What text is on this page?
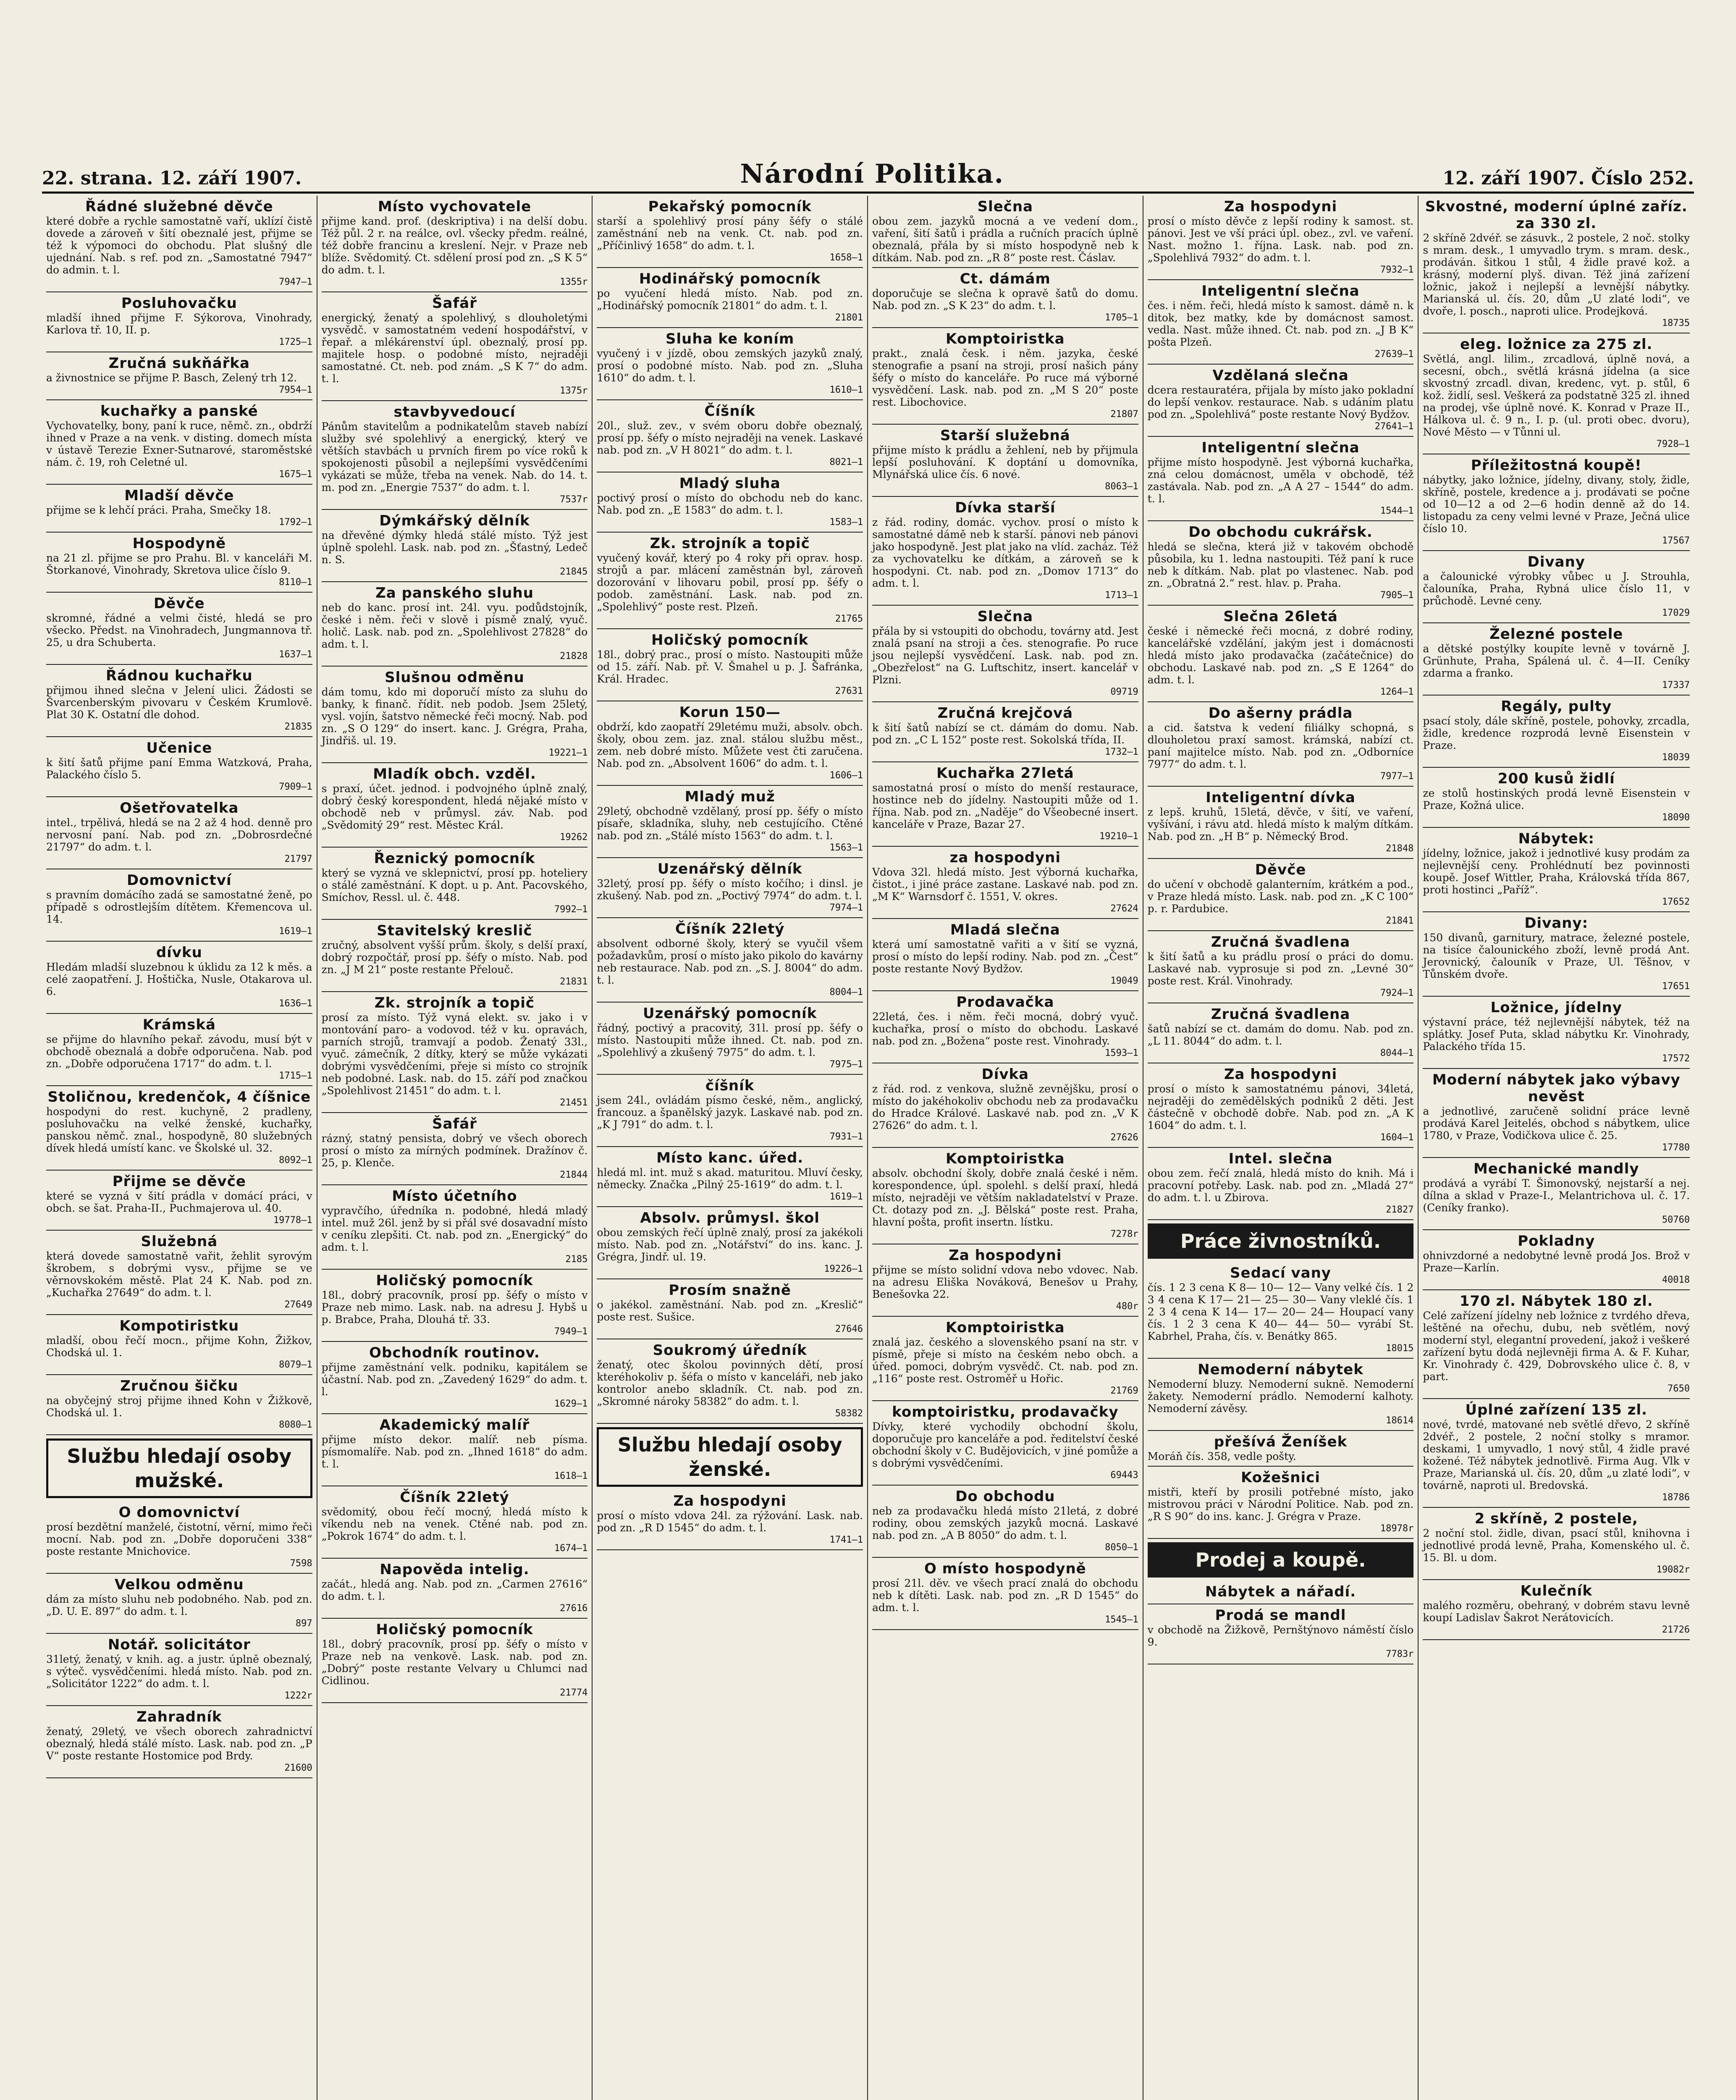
22. strana. 12. září 1907.	Národní Politika.	12. září 1907. Číslo 252.
Řádné služebné děvče
které dobře a rychle samostatně vaří, uklízí čistě dovede a zároveň v šití obeznalé jest, přijme se též k výpomoci do obchodu. Plat slušný dle ujednání. Nab. s ref. pod zn. „Samostatné 7947“ do admin. t. l.
7947—1
Posluhovačku
mladší ihned přijme F. Sýkorova, Vinohrady, Karlova tř. 10, II. p.
1725—1
Zručná sukňářka
a živnostnice se přijme P. Basch, Zelený trh 12.
7954—1
kuchařky a panské
Vychovatelky, bony, paní k ruce, němč. zn., obdrží ihned v Praze a na venk. v disting. domech místa v ústavě Terezie Exner-Sutnarové, staroměstské nám. č. 19, roh Celetné ul.
1675—1
Mladší děvče
přijme se k lehčí práci. Praha, Smečky 18.
1792—1
Hospodyně
na 21 zl. přijme se pro Prahu. Bl. v kanceláři M. Štorkanové, Vinohrady, Skretova ulice číslo 9.
8110—1
Děvče
skromné, řádné a velmi čisté, hledá se pro všecko. Předst. na Vinohradech, Jungmannova tř. 25, u dra Schuberta.
1637—1
Řádnou kuchařku
přijmou ihned slečna v Jelení ulici. Žádosti se Švarcenberským pivovaru v Českém Krumlově. Plat 30 K. Ostatní dle dohod.
21835
Učenice
k šití šatů přijme paní Emma Watzková, Praha, Palackého číslo 5.
7909—1
Ošetřovatelka
intel., trpělivá, hledá se na 2 až 4 hod. denně pro nervosní paní. Nab. pod zn. „Dobrosrdečné 21797“ do adm. t. l.
21797
Domovnictví
s pravním domácího zadá se samostatné ženě, po případě s odrostlejším dítětem. Křemencova ul. 14.
1619—1
dívku
Hledám mladší sluzebnou k úklidu za 12 k měs. a celé zaopatření. J. Hoštička, Nusle, Otakarova ul. 6.
1636—1
Krámská
se přijme do hlavního pekař. závodu, musí být v obchodě obeznalá a dobře odporučena. Nab. pod zn. „Dobře odporučena 1717“ do adm. t. l.
1715—1
Stoličnou, kredenčok, 4 číšnice
hospodyni do rest. kuchyně, 2 pradleny, posluhovačku na velké ženské, kuchařky, panskou němč. znal., hospodyně, 80 služebných dívek hledá umístí kanc. ve Školské ul. 32.
8092—1
Přijme se děvče
které se vyzná v šití prádla v domácí práci, v obch. se šat. Praha-II., Puchmajerova ul. 40.
19778—1
Služebná
která dovede samostatně vařit, žehlit syrovým škrobem, s dobrými vysv., přijme se ve věrnovskokém městě. Plat 24 K. Nab. pod zn. „Kuchařka 27649“ do adm. t. l.
27649
Kompotiristku
mladší, obou řečí mocn., přijme Kohn, Žižkov, Chodská ul. 1.
8079—1
Zručnou šičku
na obyčejný stroj přijme ihned Kohn v Žižkově, Chodská ul. 1.
8080—1
Službu hledají osoby mužské.
O domovnictví
prosí bezdětní manželé, čistotní, věrní, mimo řeči mocní. Nab. pod zn. „Dobře doporučeni 338“ poste restante Mnichovice.
7598
Velkou odměnu
dám za místo sluhu neb podobného. Nab. pod zn. „D. U. E. 897“ do adm. t. l.
897
Notář. solicitátor
31letý, ženatý, v knih. ag. a justr. úplně obeznalý, s výteč. vysvědčeními. hledá místo. Nab. pod zn. „Solicitátor 1222“ do adm. t. l.
1222r
Zahradník
ženatý, 29letý, ve všech oborech zahradnictví obeznalý, hledá stálé místo. Lask. nab. pod zn. „P V“ poste restante Hostomice pod Brdy.
21600
Místo vychovatele
přijme kand. prof. (deskriptiva) i na delší dobu. Též půl. 2 r. na reálce, ovl. všecky předm. reálné, též dobře francinu a kreslení. Nejr. v Praze neb blíže. Svědomitý. Ct. sdělení prosí pod zn. „S K 5“ do adm. t. l.
1355r
Šafář
energický, ženatý a spolehlivý, s dlouholetými vysvědč. v samostatném vedení hospodářství, v řepař. a mlékárenství úpl. obeznalý, prosí pp. majitele hosp. o podobné místo, nejraději samostatné. Ct. neb. pod znám. „S K 7“ do adm. t. l.
1375r
stavbyvedoucí
Pánům stavitelům a podnikatelům staveb nabízí služby své spolehlivý a energický, který ve větších stavbách u prvních firem po více roků k spokojenosti působil a nejlepšími vysvědčeními vykázati se může, třeba na venek. Nab. do 14. t. m. pod zn. „Energie 7537“ do adm. t. l.
7537r
Dýmkářský dělník
na dřevěné dýmky hledá stálé místo. Týž jest úplně spolehl. Lask. nab. pod zn. „Šťastný, Ledeč n. S.
21845
Za panského sluhu
neb do kanc. prosí int. 24l. vyu. podůdstojník, české i něm. řeči v slově i písmě znalý, vyuč. holič. Lask. nab. pod zn. „Spolehlivost 27828“ do adm. t. l.
21828
Slušnou odměnu
dám tomu, kdo mi doporučí místo za sluhu do banky, k finanč. řídit. neb podob. Jsem 25letý, vysl. vojín, šatstvo německé řeči mocný. Nab. pod zn. „S O 129“ do insert. kanc. J. Grégra, Praha, Jindřiš. ul. 19.
19221—1
Mladík obch. vzděl.
s praxí, účet. jednod. i podvojného úplně znalý, dobrý český korespondent, hledá nějaké místo v obchodě neb v průmysl. záv. Nab. pod „Svědomitý 29“ rest. Městec Král.
19262
Řeznický pomocník
který se vyzná ve sklepnictví, prosí pp. hoteliery o stálé zaměstnání. K dopt. u p. Ant. Pacovského, Smíchov, Ressl. ul. č. 448.
7992—1
Stavitelský kreslič
zručný, absolvent vyšší prům. školy, s delší praxí, dobrý rozpočtář, prosí pp. šéfy o místo. Nab. pod zn. „J M 21“ poste restante Přelouč.
21831
Zk. strojník a topič
prosí za místo. Týž vyná elekt. sv. jako i v montování paro- a vodovod. též v ku. opravách, parních strojů, tramvají a podob. Ženatý 33l., vyuč. zámečník, 2 dítky, který se může vykázati dobrými vysvědčeními, přeje si místo co strojník neb podobné. Lask. nab. do 15. září pod značkou „Spolehlivost 21451“ do adm. t. l.
21451
Šafář
rázný, statný pensista, dobrý ve všech oborech prosí o místo za mírných podmínek. Dražínov č. 25, p. Klenče.
21844
Místo účetního
vypravčího, úředníka n. podobné, hledá mladý intel. muž 26l. jenž by si přál své dosavadní místo v ceníku zlepšiti. Ct. nab. pod zn. „Energický“ do adm. t. l.
2185
Holičský pomocník
18l., dobrý pracovník, prosí pp. šéfy o místo v Praze neb mimo. Lask. nab. na adresu J. Hybš u p. Brabce, Praha, Dlouhá tř. 33.
7949—1
Obchodník routinov.
přijme zaměstnání velk. podniku, kapitálem se účastní. Nab. pod zn. „Zavedený 1629“ do adm. t. l.
1629—1
Akademický malíř
přijme místo dekor. malíř. neb písma. písmomalíře. Nab. pod zn. „Ihned 1618“ do adm. t. l.
1618—1
Číšník 22letý
svědomitý, obou řečí mocný, hledá místo k víkendu neb na venek. Ctěné nab. pod zn. „Pokrok 1674“ do adm. t. l.
1674—1
Napověda intelig.
začát., hledá ang. Nab. pod zn. „Carmen 27616“ do adm. t. l.
27616
Holičský pomocník
18l., dobrý pracovník, prosí pp. šéfy o místo v Praze neb na venkově. Lask. nab. pod zn. „Dobrý“ poste restante Velvary u Chlumci nad Cidlinou.
21774
Pekařský pomocník
starší a spolehlivý prosí pány šéfy o stálé zaměstnání neb na venk. Ct. nab. pod zn. „Příčinlivý 1658“ do adm. t. l.
1658—1
Hodinářský pomocník
po vyučení hledá místo. Nab. pod zn. „Hodinářský pomocník 21801“ do adm. t. l.
21801
Sluha ke koním
vyučený i v jízdě, obou zemských jazyků znalý, prosí o podobné místo. Nab. pod zn. „Sluha 1610“ do adm. t. l.
1610—1
Číšník
20l., služ. zev., v svém oboru dobře obeznalý, prosí pp. šéfy o místo nejraději na venek. Laskavé nab. pod zn. „V H 8021“ do adm. t. l.
8021—1
Mladý sluha
poctivý prosí o místo do obchodu neb do kanc. Nab. pod zn. „E 1583“ do adm. t. l.
1583—1
Zk. strojník a topič
vyučený kovář, který po 4 roky při oprav. hosp. strojů a par. mlácení zaměstnán byl, zároveň dozorování v lihovaru pobil, prosí pp. šéfy o podob. zaměstnání. Lask. nab. pod zn. „Spolehlivý“ poste rest. Plzeň.
21765
Holičský pomocník
18l., dobrý prac., prosí o místo. Nastoupiti může od 15. září. Nab. př. V. Šmahel u p. J. Šafránka, Král. Hradec.
27631
Korun 150—
obdrží, kdo zaopatří 29letému muži, absolv. obch. školy, obou zem. jaz. znal. stálou službu měst., zem. neb dobré místo. Můžete vest čti zaručena. Nab. pod zn. „Absolvent 1606“ do adm. t. l.
1606—1
Mladý muž
29letý, obchodně vzdělaný, prosí pp. šéfy o místo písaře, skladníka, sluhy, neb cestujícího. Ctěné nab. pod zn. „Stálé místo 1563“ do adm. t. l.
1563—1
Uzenářský dělník
32letý, prosí pp. šéfy o místo kočího; i dinsl. je zkušený. Nab. pod zn. „Poctivý 7974“ do adm. t. l.
7974—1
Číšník 22letý
absolvent odborné školy, který se vyučil všem požadavkům, prosí o místo jako pikolo do kavárny neb restaurace. Nab. pod zn. „S. J. 8004“ do adm. t. l.
8004—1
Uzenářský pomocník
řádný, poctivý a pracovitý, 31l. prosí pp. šéfy o místo. Nastoupiti může ihned. Ct. nab. pod zn. „Spolehlivý a zkušený 7975“ do adm. t. l.
7975—1
číšník
jsem 24l., ovládám písmo české, něm., anglický, francouz. a španělský jazyk. Laskavé nab. pod zn. „K J 791“ do adm. t. l.
7931—1
Místo kanc. úřed.
hledá ml. int. muž s akad. maturitou. Mluví česky, německy. Značka „Pilný 25-1619“ do adm. t. l.
1619—1
Absolv. průmysl. škol
obou zemských řečí úplně znalý, prosí za jakékoli místo. Nab. pod zn. „Notářství“ do ins. kanc. J. Grégra, Jindř. ul. 19.
19226—1
Prosím snažně
o jakékol. zaměstnání. Nab. pod zn. „Kreslič“ poste rest. Sušice.
27646
Soukromý úředník
ženatý, otec školou povinných dětí, prosí kteréhokoliv p. šéfa o místo v kanceláři, neb jako kontrolor anebo skladník. Ct. nab. pod zn. „Skromné nároky 58382“ do adm. t. l.
58382
Službu hledají osoby ženské.
Za hospodyni
prosí o místo vdova 24l. za rýžování. Lask. nab. pod zn. „R D 1545“ do adm. t. l.
1741—1
Slečna
obou zem. jazyků mocná a ve vedení dom., vaření, šití šatů i prádla a ručních pracích úplně obeznalá, přála by si místo hospodyně neb k dítkám. Nab. pod zn. „R 8“ poste rest. Čáslav.
Ct. dámám
doporučuje se slečna k opravě šatů do domu. Nab. pod zn. „S K 23“ do adm. t. l.
1705—1
Komptoiristka
prakt., znalá česk. i něm. jazyka, české stenografie a psaní na stroji, prosí našich pány šéfy o místo do kanceláře. Po ruce má výborné vysvědčení. Lask. nab. pod zn. „M S 20“ poste rest. Libochovice.
21807
Starší služebná
přijme místo k prádlu a žehlení, neb by přijmula lepší posluhování. K doptání u domovníka, Mlynářská ulice čís. 6 nové.
8063—1
Dívka starší
z řád. rodiny, domác. vychov. prosí o místo k samostatné dámě neb k starší. pánovi neb pánovi jako hospodyně. Jest plat jako na vlíd. zacház. Též za vychovatelku ke dítkám, a zároveň se k hospodyni. Ct. nab. pod zn. „Domov 1713“ do adm. t. l.
1713—1
Slečna
přála by si vstoupiti do obchodu, továrny atd. Jest znalá psaní na stroji a čes. stenografie. Po ruce jsou nejlepší vysvědčení. Lask. nab. pod zn. „Obezřelost“ na G. Luftschitz, insert. kancelář v Plzni.
09719
Zručná krejčová
k šití šatů nabízí se ct. dámám do domu. Nab. pod zn. „C L 152“ poste rest. Sokolská třída, II.
1732—1
Kuchařka 27letá
samostatná prosí o místo do menší restaurace, hostince neb do jídelny. Nastoupiti může od 1. října. Nab. pod zn. „Naděje“ do Všeobecné insert. kanceláře v Praze, Bazar 27.
19210—1
za hospodyni
Vdova 32l. hledá místo. Jest výborná kuchařka, čistot., i jiné práce zastane. Laskavé nab. pod zn. „M K“ Warnsdorf č. 1551, V. okres.
27624
Mladá slečna
která umí samostatně vařiti a v šití se vyzná, prosí o místo do lepší rodiny. Nab. pod zn. „Čest“ poste restante Nový Bydžov.
19049
Prodavačka
22letá, čes. i něm. řeči mocná, dobrý vyuč. kuchařka, prosí o místo do obchodu. Laskavé nab. pod zn. „Božena“ poste rest. Vinohrady.
1593—1
Dívka
z řád. rod. z venkova, služně zevnějšku, prosí o místo do jakéhokoliv obchodu neb za prodavačku do Hradce Králové. Laskavé nab. pod zn. „V K 27626“ do adm. t. l.
27626
Komptoiristka
absolv. obchodní školy, dobře znalá české i něm. korespondence, úpl. spolehl. s delší praxí, hledá místo, nejraději ve větším nakladatelství v Praze. Ct. dotazy pod zn. „J. Bělská“ poste rest. Praha, hlavní pošta, profit insertn. lístku.
7278r
Za hospodyni
přijme se místo solidní vdova nebo vdovec. Nab. na adresu Eliška Nováková, Benešov u Prahy, Benešovka 22.
480r
Komptoiristka
znalá jaz. českého a slovenského psaní na str. v písmě, přeje si místo na českém nebo obch. a úřed. pomoci, dobrým vysvědč. Ct. nab. pod zn. „116“ poste rest. Ostroměř u Hořic.
21769
komptoiristku, prodavačky
Dívky, které vychodily obchodní školu, doporučuje pro kanceláře a pod. ředitelství české obchodní školy v C. Budějovicích, v jiné pomůže a s dobrými vysvědčeními.
69443
Do obchodu
neb za prodavačku hledá místo 21letá, z dobré rodiny, obou zemských jazyků mocná. Laskavé nab. pod zn. „A B 8050“ do adm. t. l.
8050—1
O místo hospodyně
prosí 21l. děv. ve všech prací znalá do obchodu neb k dítěti. Lask. nab. pod zn. „R D 1545“ do adm. t. l.
1545—1
Za hospodyni
prosí o místo děvče z lepší rodiny k samost. st. pánovi. Jest ve vší práci úpl. obez., zvl. ve vaření. Nast. možno 1. října. Lask. nab. pod zn. „Spolehlivá 7932“ do adm. t. l.
7932—1
Inteligentní slečna
čes. i něm. řeči, hledá místo k samost. dámě n. k ditok, bez matky, kde by domácnost samost. vedla. Nast. může ihned. Ct. nab. pod zn. „J B K“ pošta Plzeň.
27639—1
Vzdělaná slečna
dcera restauratéra, přijala by místo jako pokladní do lepší venkov. restaurace. Nab. s udáním platu pod zn. „Spolehlivá“ poste restante Nový Bydžov.
27641—1
Inteligentní slečna
přijme místo hospodyně. Jest výborná kuchařka, zná celou domácnost, uměla v obchodě, též zastávala. Nab. pod zn. „A A 27 – 1544“ do adm. t. l.
1544—1
Do obchodu cukrářsk.
hledá se slečna, která již v takovém obchodě působila, ku 1. ledna nastoupiti. Též paní k ruce neb k dítkám. Nab. plat po vlastenec. Nab. pod zn. „Obratná 2.“ rest. hlav. p. Praha.
7905—1
Slečna 26letá
české i německé řeči mocná, z dobré rodiny, kancelářské vzdělání, jakým jest i domácnosti hledá místo jako prodavačka (začátečnice) do obchodu. Laskavé nab. pod zn. „S E 1264“ do adm. t. l.
1264—1
Do ašerny prádla
a cid. šatstva k vedení filiálky schopná, s dlouholetou praxí samost. krámská, nabízí ct. paní majitelce místo. Nab. pod zn. „Odborníce 7977“ do adm. t. l.
7977—1
Inteligentní dívka
z lepš. kruhů, 15letá, děvče, v šití, ve vaření, vyšívání, i rávu atd. hledá místo k malým dítkám. Nab. pod zn. „H B“ p. Německý Brod.
21848
Děvče
do učení v obchodě galanterním, krátkém a pod., v Praze hledá místo. Lask. nab. pod zn. „K C 100“ p. r. Pardubice.
21841
Zručná švadlena
k šití šatů a ku prádlu prosí o práci do domu. Laskavé nab. vyprosuje si pod zn. „Levné 30“ poste rest. Král. Vinohrady.
7924—1
Zručná švadlena
šatů nabízí se ct. damám do domu. Nab. pod zn. „L 11. 8044“ do adm. t. l.
8044—1
Za hospodyni
prosí o místo k samostatnému pánovi, 34letá, nejraději do zemědělských podniků 2 děti. Jest částečně v obchodě dobře. Nab. pod zn. „A K 1604“ do adm. t. l.
1604—1
Intel. slečna
obou zem. řečí znalá, hledá místo do knih. Má i pracovní potřeby. Lask. nab. pod zn. „Mladá 27“ do adm. t. l. u Zbirova.
21827
Práce živnostníků.
Sedací vany
čís. 1 2 3 cena K 8— 10— 12— Vany velké čís. 1 2 3 4 cena K 17— 21— 25— 30— Vany vleklé čís. 1 2 3 4 cena K 14— 17— 20— 24— Houpací vany čís. 1 2 3 cena K 40— 44— 50— vyrábí St. Kabrhel, Praha, čís. v. Benátky 865.
18015
Nemoderní nábytek
Nemoderní bluzy. Nemoderní sukně. Nemoderní žakety. Nemoderní prádlo. Nemoderní kalhoty. Nemoderní závěsy.
18614
přešívá Ženíšek
Moráň čís. 358, vedle pošty.
Kožešnici
mistři, kteří by prosili potřebné místo, jako mistrovou práci v Národní Politice. Nab. pod zn. „R S 90“ do ins. kanc. J. Grégra v Praze.
18978r
Prodej a koupě.
Nábytek a nářadí.
Prodá se mandl
v obchodě na Žižkově, Pernštýnovo náměstí číslo 9.
7783r
Skvostné, moderní úplné zaříz. za 330 zl.
2 skříně 2dvéř. se zásuvk., 2 postele, 2 noč. stolky s mram. desk., 1 umyvadlo trym. s mram. desk., prodáván. šitkou 1 stůl, 4 židle pravé kož. a krásný, moderní plyš. divan. Též jiná zařízení ložnic, jakož i nejlepší a levnější nábytky. Marianská ul. čís. 20, dům „U zlaté lodi“, ve dvoře, l. posch., naproti ulice. Prodejková.
18735
eleg. ložnice za 275 zl.
Světlá, angl. lilim., zrcadlová, úplně nová, a secesní, obch., světlá krásná jídelna (a sice skvostný zrcadl. divan, kredenc, vyt. p. stůl, 6 kož. židlí, sesl. Veškerá za podstatně 325 zl. ihned na prodej, vše úplně nové. K. Konrad v Praze II., Hálkova ul. č. 9 n., I. p. (ul. proti obec. dvoru), Nové Město — v Tůnni ul.
7928—1
Příležitostná koupě!
nábytky, jako ložnice, jídelny, divany, stoly, židle, skříně, postele, kredence a j. prodávati se počne od 10—12 a od 2—6 hodin denně až do 14. listopadu za ceny velmi levné v Praze, Ječná ulice číslo 10.
17567
Divany
a čalounické výrobky vůbec u J. Strouhla, čalouníka, Praha, Rybná ulice číslo 11, v průchodě. Levné ceny.
17029
Železné postele
a dětské postýlky koupíte levně v továrně J. Grünhute, Praha, Spálená ul. č. 4—II. Ceníky zdarma a franko.
17337
Regály, pulty
psací stoly, dále skříně, postele, pohovky, zrcadla, židle, kredence rozprodá levně Eisenstein v Praze.
18039
200 kusů židlí
ze stolů hostinských prodá levně Eisenstein v Praze, Kožná ulice.
18090
Nábytek:
jídelny, ložnice, jakož i jednotlivé kusy prodám za nejlevnější ceny. Prohlédnutí bez povinnosti koupě. Josef Wittler, Praha, Královská třída 867, proti hostinci „Paříž“.
17652
Divany:
150 divanů, garnitury, matrace, železné postele, na tisíce čalounického zboží, levně prodá Ant. Jerovnický, čalouník v Praze, Ul. Těšnov, v Tůnském dvoře.
17651
Ložnice, jídelny
výstavní práce, též nejlevnější nábytek, též na splátky. Josef Puta, sklad nábytku Kr. Vinohrady, Palackého třída 15.
17572
Moderní nábytek jako výbavy nevěst
a jednotlivé, zaručeně solidní práce levně prodává Karel Jeitelés, obchod s nábytkem, ulice 1780, v Praze, Vodičkova ulice č. 25.
17780
Mechanické mandly
prodává a vyrábí T. Šimonovský, nejstarší a nej. dílna a sklad v Praze-I., Melantrichova ul. č. 17. (Ceníky franko).
50760
Pokladny
ohnivzdorné a nedobytné levně prodá Jos. Brož v Praze—Karlín.
40018
170 zl. Nábytek 180 zl.
Celé zařízení jídelny neb ložnice z tvrdého dřeva, leštěné na ořechu, dubu, neb světlém, nový moderní styl, elegantní provedení, jakož i veškeré zařízení bytu dodá nejlevněji firma A. & F. Kuhar, Kr. Vinohrady č. 429, Dobrovského ulice č. 8, v part.
7650
Úplné zařízení 135 zl.
nové, tvrdé, matované neb světlé dřevo, 2 skříně 2dvéř., 2 postele, 2 noční stolky s mramor. deskami, 1 umyvadlo, 1 nový stůl, 4 židle pravé kožené. Též nábytek jednotlivě. Firma Aug. Vlk v Praze, Marianská ul. čís. 20, dům „u zlaté lodi“, v továrně, naproti ul. Bredovská.
18786
2 skříně, 2 postele,
2 noční stol. židle, divan, psací stůl, knihovna i jednotlivé prodá levně, Praha, Komenského ul. č. 15. Bl. u dom.
19082r
Kulečník
malého rozměru, obehraný, v dobrém stavu levně koupí Ladislav Šakrot Nerátovicích.
21726
